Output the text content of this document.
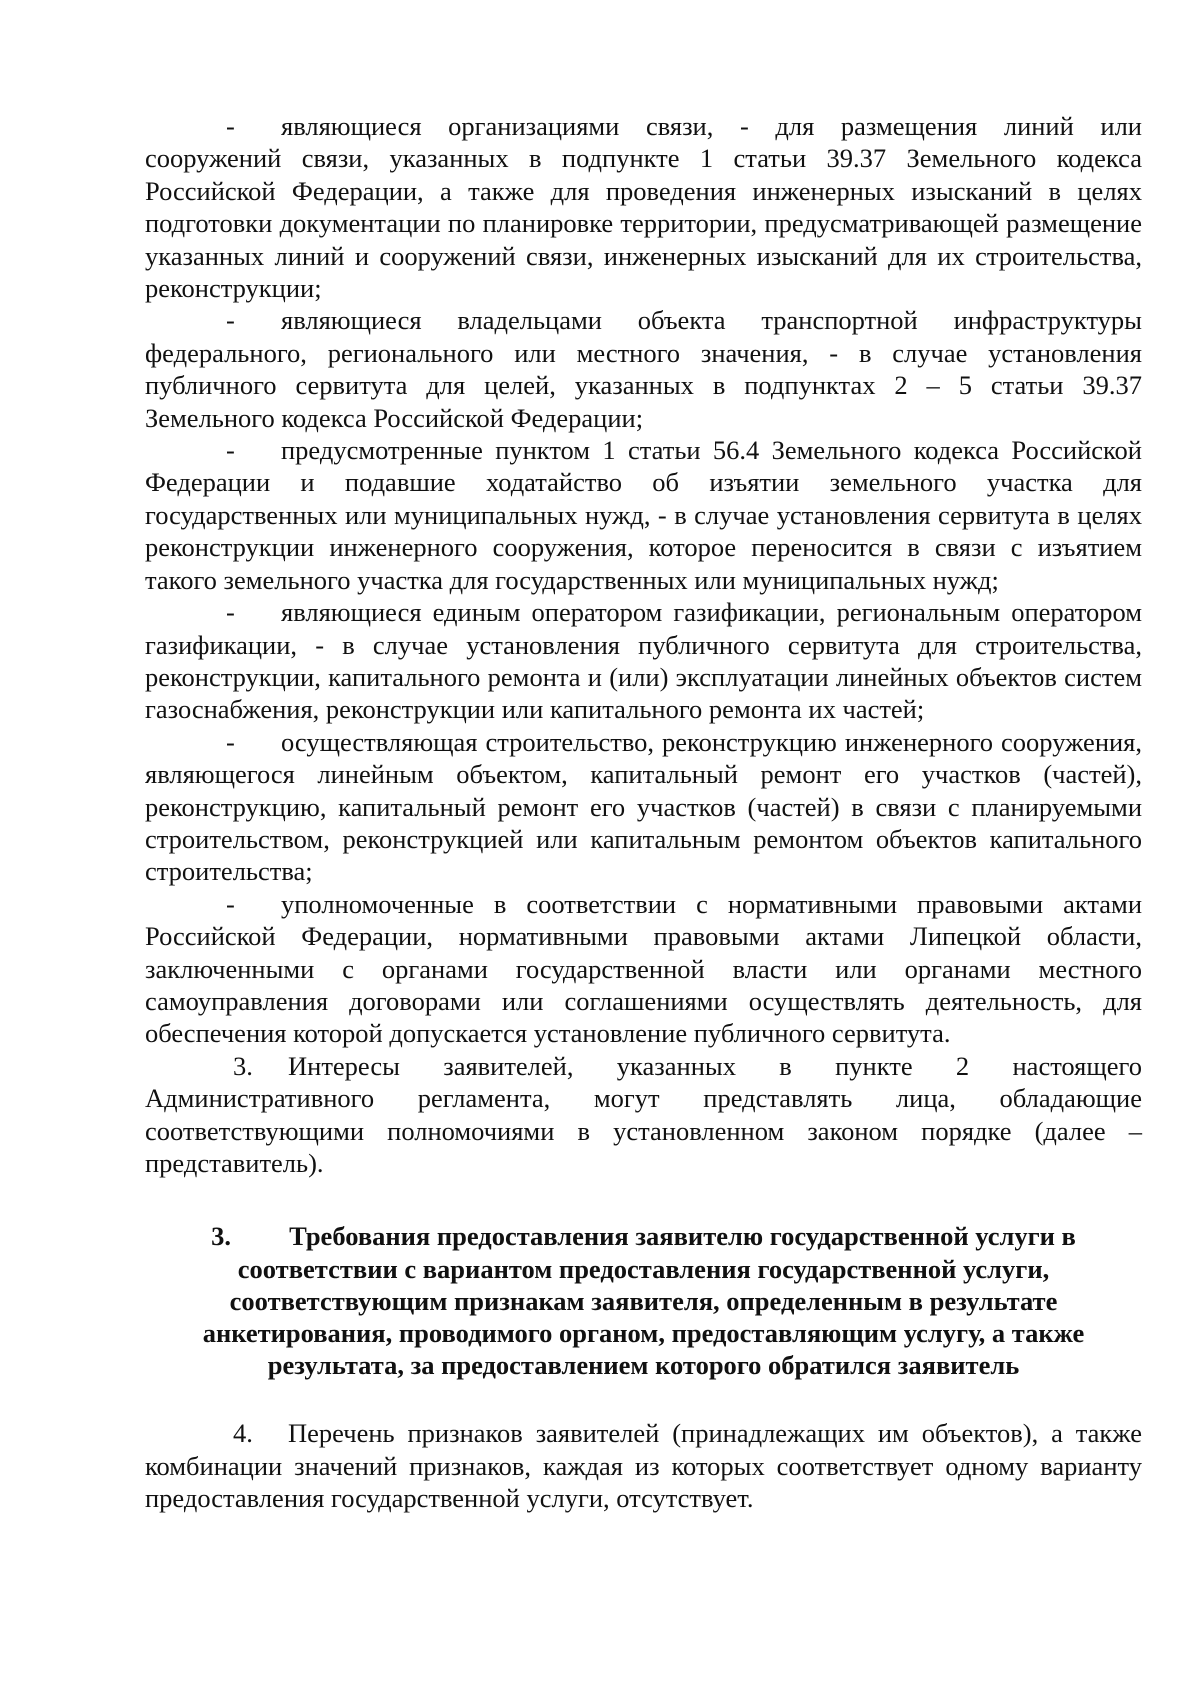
- являющиеся организациями связи, - для размещения линий или сооружений связи, указанных в подпункте 1 статьи 39.37 Земельного кодекса Российской Федерации, а также для проведения инженерных изысканий в целях подготовки документации по планировке территории, предусматривающей размещение указанных линий и сооружений связи, инженерных изысканий для их строительства, реконструкции;

- являющиеся владельцами объекта транспортной инфраструктуры федерального, регионального или местного значения, - в случае установления публичного сервитута для целей, указанных в подпунктах 2 – 5 статьи 39.37 Земельного кодекса Российской Федерации;

- предусмотренные пунктом 1 статьи 56.4 Земельного кодекса Российской Федерации и подавшие ходатайство об изъятии земельного участка для государственных или муниципальных нужд, - в случае установления сервитута в целях реконструкции инженерного сооружения, которое переносится в связи с изъятием такого земельного участка для государственных или муниципальных нужд;

- являющиеся единым оператором газификации, региональным оператором газификации, - в случае установления публичного сервитута для строительства, реконструкции, капитального ремонта и (или) эксплуатации линейных объектов систем газоснабжения, реконструкции или капитального ремонта их частей;

- осуществляющая строительство, реконструкцию инженерного сооружения, являющегося линейным объектом, капитальный ремонт его участков (частей), реконструкцию, капитальный ремонт его участков (частей) в связи с планируемыми строительством, реконструкцией или капитальным ремонтом объектов капитального строительства;

- уполномоченные в соответствии с нормативными правовыми актами Российской Федерации, нормативными правовыми актами Липецкой области, заключенными с органами государственной власти или органами местного самоуправления договорами или соглашениями осуществлять деятельность, для обеспечения которой допускается установление публичного сервитута.

3. Интересы заявителей, указанных в пункте 2 настоящего Административного регламента, могут представлять лица, обладающие соответствующими полномочиями в установленном законом порядке (далее – представитель).

3. Требования предоставления заявителю государственной услуги в соответствии с вариантом предоставления государственной услуги, соответствующим признакам заявителя, определенным в результате анкетирования, проводимого органом, предоставляющим услугу, а также результата, за предоставлением которого обратился заявитель

4. Перечень признаков заявителей (принадлежащих им объектов), а также комбинации значений признаков, каждая из которых соответствует одному варианту предоставления государственной услуги, отсутствует.
